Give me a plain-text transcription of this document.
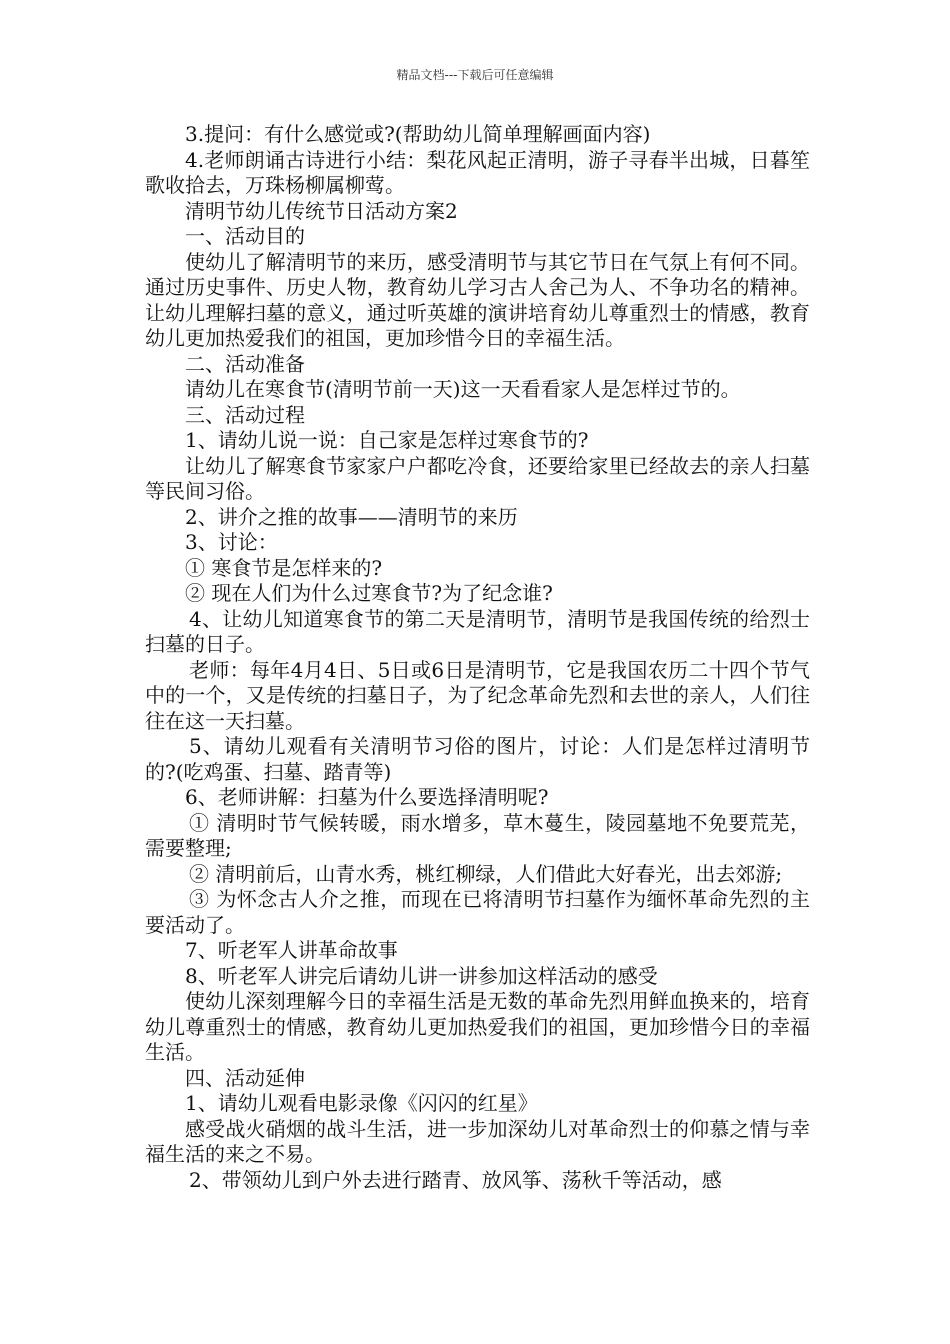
精品文档---下载后可任意编辑

3.提问：有什么感觉或?(帮助幼儿简单理解画面内容)

4.老师朗诵古诗进行小结：梨花风起正清明，游子寻春半出城，日暮笙歌收拾去，万珠杨柳属柳莺。

清明节幼儿传统节日活动方案2

一、活动目的

使幼儿了解清明节的来历，感受清明节与其它节日在气氛上有何不同。通过历史事件、历史人物，教育幼儿学习古人舍己为人、不争功名的精神。让幼儿理解扫墓的意义，通过听英雄的演讲培育幼儿尊重烈士的情感，教育幼儿更加热爱我们的祖国，更加珍惜今日的幸福生活。

二、活动准备

请幼儿在寒食节(清明节前一天)这一天看看家人是怎样过节的。

三、活动过程

1、请幼儿说一说：自己家是怎样过寒食节的?

让幼儿了解寒食节家家户户都吃冷食，还要给家里已经故去的亲人扫墓等民间习俗。

2、讲介之推的故事——清明节的来历

3、讨论：

① 寒食节是怎样来的?

② 现在人们为什么过寒食节?为了纪念谁?

4、让幼儿知道寒食节的第二天是清明节，清明节是我国传统的给烈士扫墓的日子。

老师：每年4月4日、5日或6日是清明节，它是我国农历二十四个节气中的一个，又是传统的扫墓日子，为了纪念革命先烈和去世的亲人，人们往往在这一天扫墓。

5、请幼儿观看有关清明节习俗的图片，讨论：人们是怎样过清明节的?(吃鸡蛋、扫墓、踏青等)

6、老师讲解：扫墓为什么要选择清明呢?

① 清明时节气候转暖，雨水增多，草木蔓生，陵园墓地不免要荒芜，需要整理;

② 清明前后，山青水秀，桃红柳绿，人们借此大好春光，出去郊游;

③ 为怀念古人介之推，而现在已将清明节扫墓作为缅怀革命先烈的主要活动了。

7、听老军人讲革命故事

8、听老军人讲完后请幼儿讲一讲参加这样活动的感受

使幼儿深刻理解今日的幸福生活是无数的革命先烈用鲜血换来的，培育幼儿尊重烈士的情感，教育幼儿更加热爱我们的祖国，更加珍惜今日的幸福生活。

四、活动延伸

1、请幼儿观看电影录像《闪闪的红星》

感受战火硝烟的战斗生活，进一步加深幼儿对革命烈士的仰慕之情与幸福生活的来之不易。

2、带领幼儿到户外去进行踏青、放风筝、荡秋千等活动，感
